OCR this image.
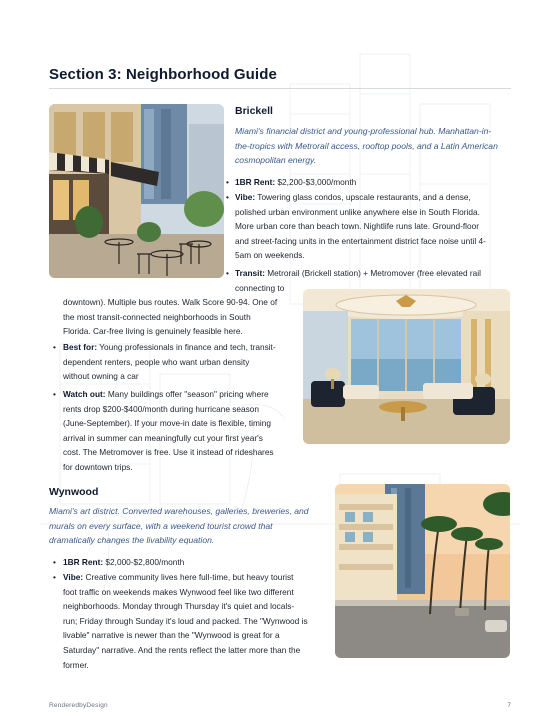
Section 3: Neighborhood Guide
Brickell
Miami's financial district and young-professional hub. Manhattan-in-
the-tropics with Metrorail access, rooftop pools, and a Latin American
cosmopolitan energy.
• 1BR Rent: $2,200-$3,000/month
• Vibe: Towering glass condos, upscale restaurants, and a dense,
polished urban environment unlike anywhere else in South Florida.
More urban core than beach town. Nightlife runs late. Ground-floor
and street-facing units in the entertainment district face noise until 4-
5am on weekends.
• Transit: Metrorail (Brickell station) + Metromover (free elevated rail
connecting to
downtown). Multiple bus routes. Walk Score 90-94. One of
the most transit-connected neighborhoods in South
Florida. Car-free living is genuinely feasible here.
• Best for: Young professionals in finance and tech, transit-
dependent renters, people who want urban density
without owning a car
• Watch out: Many buildings offer "season" pricing where
rents drop $200-$400/month during hurricane season
(June-September). If your move-in date is flexible, timing
arrival in summer can meaningfully cut your first year's
cost. The Metromover is free. Use it instead of rideshares
for downtown trips.
Wynwood
Miami's art district. Converted warehouses, galleries, breweries, and
murals on every surface, with a weekend tourist crowd that
dramatically changes the livability equation.
• 1BR Rent: $2,000-$2,800/month
• Vibe: Creative community lives here full-time, but heavy tourist
foot traffic on weekends makes Wynwood feel like two different
neighborhoods. Monday through Thursday it's quiet and locals-
run; Friday through Sunday it's loud and packed. The "Wynwood is
livable" narrative is newer than the "Wynwood is great for a
Saturday" narrative. And the rents reflect the latter more than the
former.
RenderedbyDesign	7
